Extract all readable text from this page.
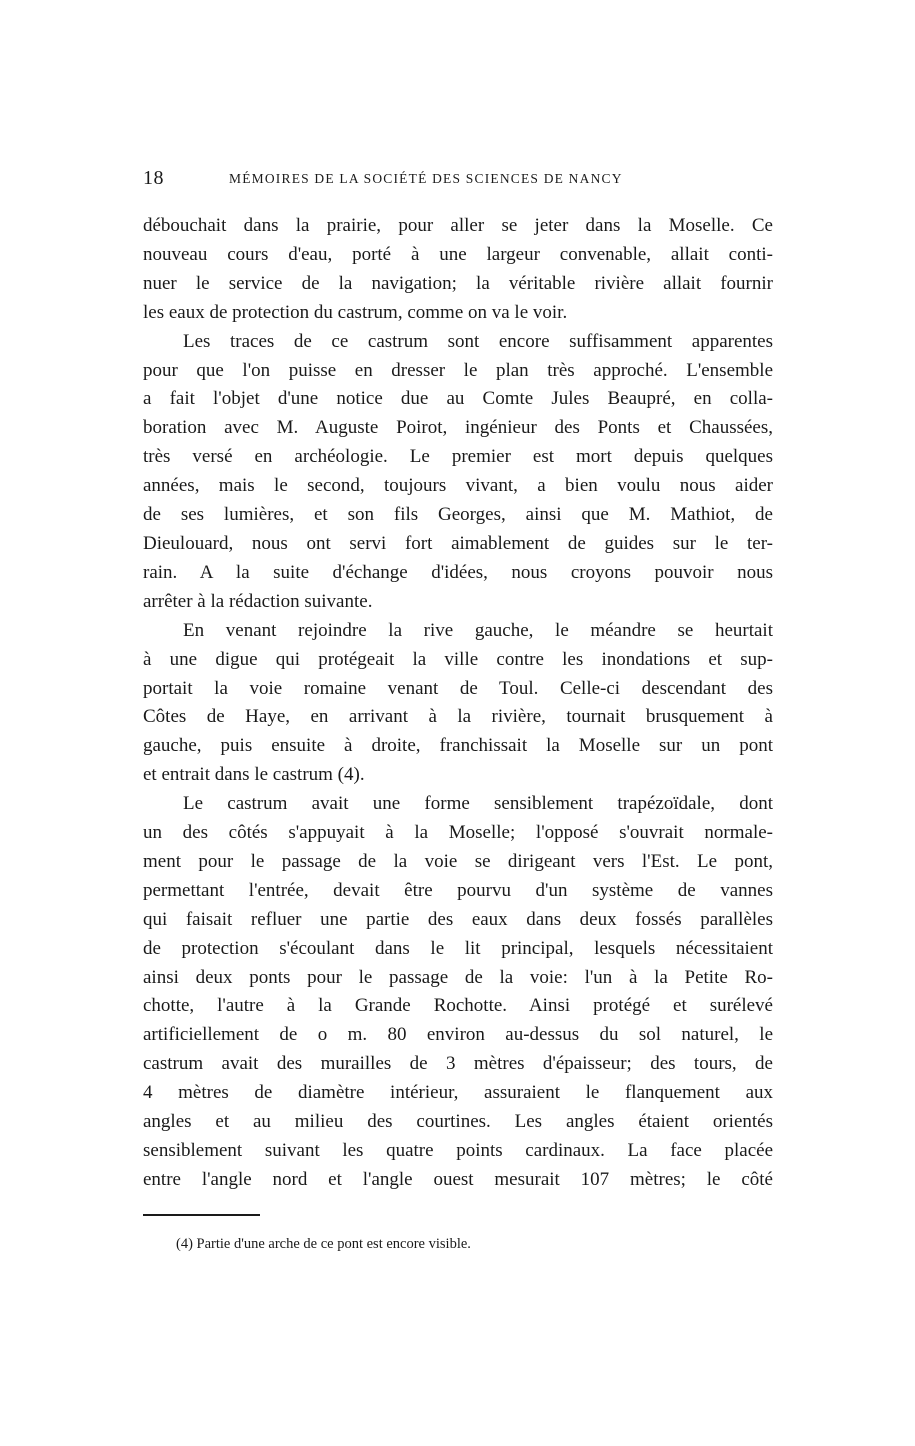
18	MÉMOIRES DE LA SOCIÉTÉ DES SCIENCES DE NANCY

débouchait dans la prairie, pour aller se jeter dans la Moselle. Ce

nouveau cours d'eau, porté à une largeur convenable, allait conti-

nuer le service de la navigation; la véritable rivière allait fournir

les eaux de protection du castrum, comme on va le voir.

Les traces de ce castrum sont encore suffisamment apparentes

pour que l'on puisse en dresser le plan très approché. L'ensemble

a fait l'objet d'une notice due au Comte Jules Beaupré, en colla-

boration avec M. Auguste Poirot, ingénieur des Ponts et Chaussées,

très versé en archéologie. Le premier est mort depuis quelques

années, mais le second, toujours vivant, a bien voulu nous aider

de ses lumières, et son fils Georges, ainsi que M. Mathiot, de

Dieulouard, nous ont servi fort aimablement de guides sur le ter-

rain. A la suite d'échange d'idées, nous croyons pouvoir nous

arrêter à la rédaction suivante.

En venant rejoindre la rive gauche, le méandre se heurtait

à une digue qui protégeait la ville contre les inondations et sup-

portait la voie romaine venant de Toul. Celle-ci descendant des

Côtes de Haye, en arrivant à la rivière, tournait brusquement à

gauche, puis ensuite à droite, franchissait la Moselle sur un pont

et entrait dans le castrum (4).

Le castrum avait une forme sensiblement trapézoïdale, dont

un des côtés s'appuyait à la Moselle; l'opposé s'ouvrait normale-

ment pour le passage de la voie se dirigeant vers l'Est. Le pont,

permettant l'entrée, devait être pourvu d'un système de vannes

qui faisait refluer une partie des eaux dans deux fossés parallèles

de protection s'écoulant dans le lit principal, lesquels nécessitaient

ainsi deux ponts pour le passage de la voie: l'un à la Petite Ro-

chotte, l'autre à la Grande Rochotte. Ainsi protégé et surélevé

artificiellement de o m. 80 environ au-dessus du sol naturel, le

castrum avait des murailles de 3 mètres d'épaisseur; des tours, de

4 mètres de diamètre intérieur, assuraient le flanquement aux

angles et au milieu des courtines. Les angles étaient orientés

sensiblement suivant les quatre points cardinaux. La face placée

entre l'angle nord et l'angle ouest mesurait 107 mètres; le côté

(4) Partie d'une arche de ce pont est encore visible.
